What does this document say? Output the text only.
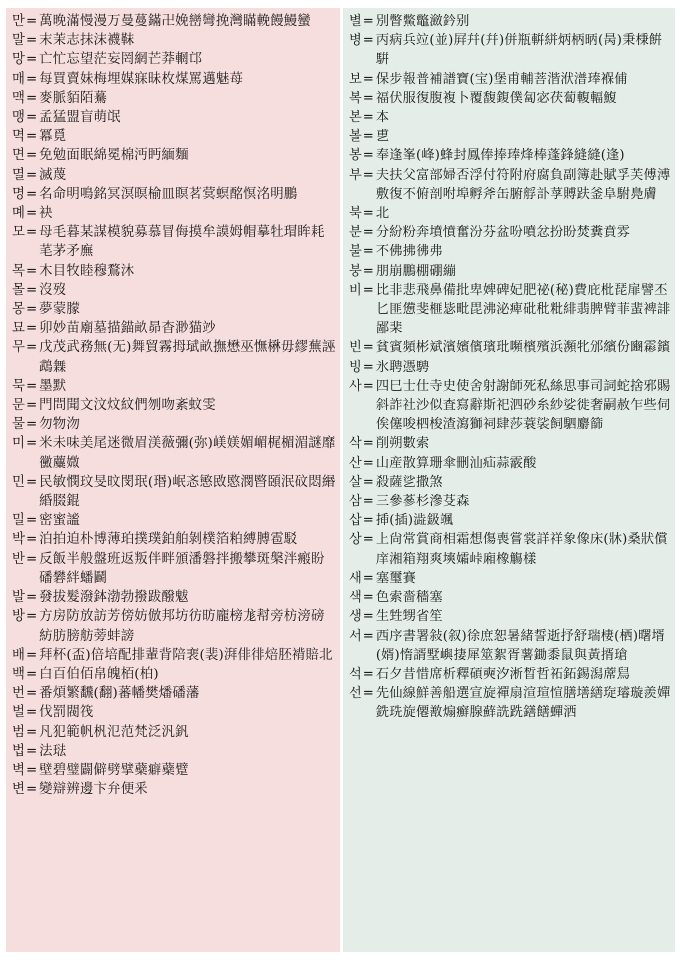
만 = 萬晚滿慢漫万曼蔓鏋卍娩巒彎挽灣瞞輓饅鰻蠻
말 = 末茉志抹沫襪靺
망 = 亡忙忘望茫妄罔網芒莽輞邙
매 = 每買賣妹梅埋媒寐昧枚煤罵邁魅苺
맥 = 麥脈貊陌驀
맹 = 孟猛盟盲萌氓
멱 = 冪覓
면 = 免勉面眠綿冕棉沔眄緬麵
멸 = 滅蔑
명 = 名命明鳴銘冥溟暝榆皿瞑茗蓂螟酩慏洺明鵬
몌 = 袂
모 = 母毛暮某謀模貌募慕冒侮摸牟謨姆帽摹牡瑁眸耗芼茅矛廡
목 = 木目牧睦穆鶩沐
몰 = 沒歿
몽 = 夢蒙朦
묘 = 卯妙苗廟墓描錨畝昴杳渺猫竗
무 = 戊茂武務無(无)舞貿霧拇珷畝撫懋巫憮楙毋繆蕪誣鵡橆
묵 = 墨默
문 = 門問聞文汶炆紋們刎吻紊蚊雯
물 = 勿物沕
미 = 米未味美尾迷微眉渼薇彌(弥)嵄媄媚嵋梶楣湄謎靡黴蘪媺
민 = 民敏憫玟旻旼閔珉(瑉)岷忞慜敃愍潣暋頣泯砇悶緡緍腏錕
밀 = 密蜜謐
박 = 泊拍迫朴博薄珀撲璞鉑舶剝樸箔粕縛膊雹駁
반 = 反飯半般盤班返叛伴畔頒潘磐拌搬攀斑槃泮瘢盼磻礬絆蟠鬬
발 = 發拔髮潑鉢渤勃撥跋醱魃
방 = 方房防放訪芳傍妨倣邦坊彷昉龐榜尨幇旁枋滂磅紡肪膀舫蒡蚌謗
배 = 拜杯(盃)倍培配排輩背陪裵(裴)湃俳徘焙胚褙賠北
백 = 白百伯佰帛魄栢(柏)
번 = 番煩繁飜(翻)蕃幡樊燔磻藩
벌 = 伐罰閥筏
범 = 凡犯範帆杋氾范梵泛汎釩
법 = 法琺
벽 = 壁碧璧闢僻劈擘蘗癖蘗躄
변 = 變辯辨邊卞弁便釆
별 = 別瞥鱉鼈瀲鈐别
병 = 丙病兵竝(並)屛幷(幷)併瓶輧絣炳柄昞(昺)秉棅餠騈
보 = 保步報普補譜寶(宝)堡甫輔菩湝洑潽琫褓俌
복 = 福伏服復腹複卜覆馥鍑僕匐宓茯蔔輹輻鰒
본 = 本
볼 = 乶
봉 = 奉逢峯(峰)蜂封鳳俸捧琫烽棒蓬鋒縫縫(逢)
부 = 夫扶父富部婦否浮付符附府腐負副簿赴賦孚芙傅溥敷復不俯剖咐埠孵斧缶腑艀訃莩賻趺釜阜駙鳧膚
북 = 北
분 = 分紛粉奔墳憤奮汾芬盆吩噴忿扮盼焚糞賁雰
불 = 不佛拂彿弗
붕 = 朋崩鵬棚硼繃
비 = 比非悲飛鼻備批卑婢碑妃肥祕(秘)費庇枇琵扉譬丕匕匪憊斐榧毖毗毘沸泌痺砒秕粃緋翡脾臂菲蜚裨誹鄙棐
빈 = 貧賓頻彬斌濱嬪儐璸玭嚬檳殯浜瀕牝邠繽份豳霦鑌
빙 = 氷聘憑騁
사 = 四巳士仕寺史使舍射謝師死私絲思事司詞蛇捨邪賜斜詐社沙似査寫辭斯祀泗砂糸紗娑徙奢嗣赦乍些伺俟僿唆柶梭渣瀉獅祠肆莎蓑裟飼駟麝篩
삭 = 削朔數索
산 = 山産散算珊傘刪汕疝蒜霰酸
살 = 殺薩乷撒煞
삼 = 三參蔘杉滲芟森
삽 = 揷(插)澁鈒颯
상 = 上尙常賞商相霜想傷喪嘗裳詳祥象像床(牀)桑狀償庠湘箱翔爽塽孀峠廂橡觴樣
새 = 塞璽賽
색 = 色索嗇穡塞
생 = 生甡甥省笙
서 = 西序書署敍(叙)徐庶恕暑緒誓逝抒舒瑞棲(栖)曙壻(婿)惰諝墅嶼捿犀筮絮胥薯鋤黍鼠與黃揟瑲
석 = 石夕昔惜席析釋碩奭汐淅晳哲祏鉐錫潟蓆舃
선 = 先仙線鮮善船選宣旋禪扇渲瑄愃膳墡繕琁璿璇羨嬋銑珗旋僊敾煽癬腺蘚詵跣鐥饍蟬洒
